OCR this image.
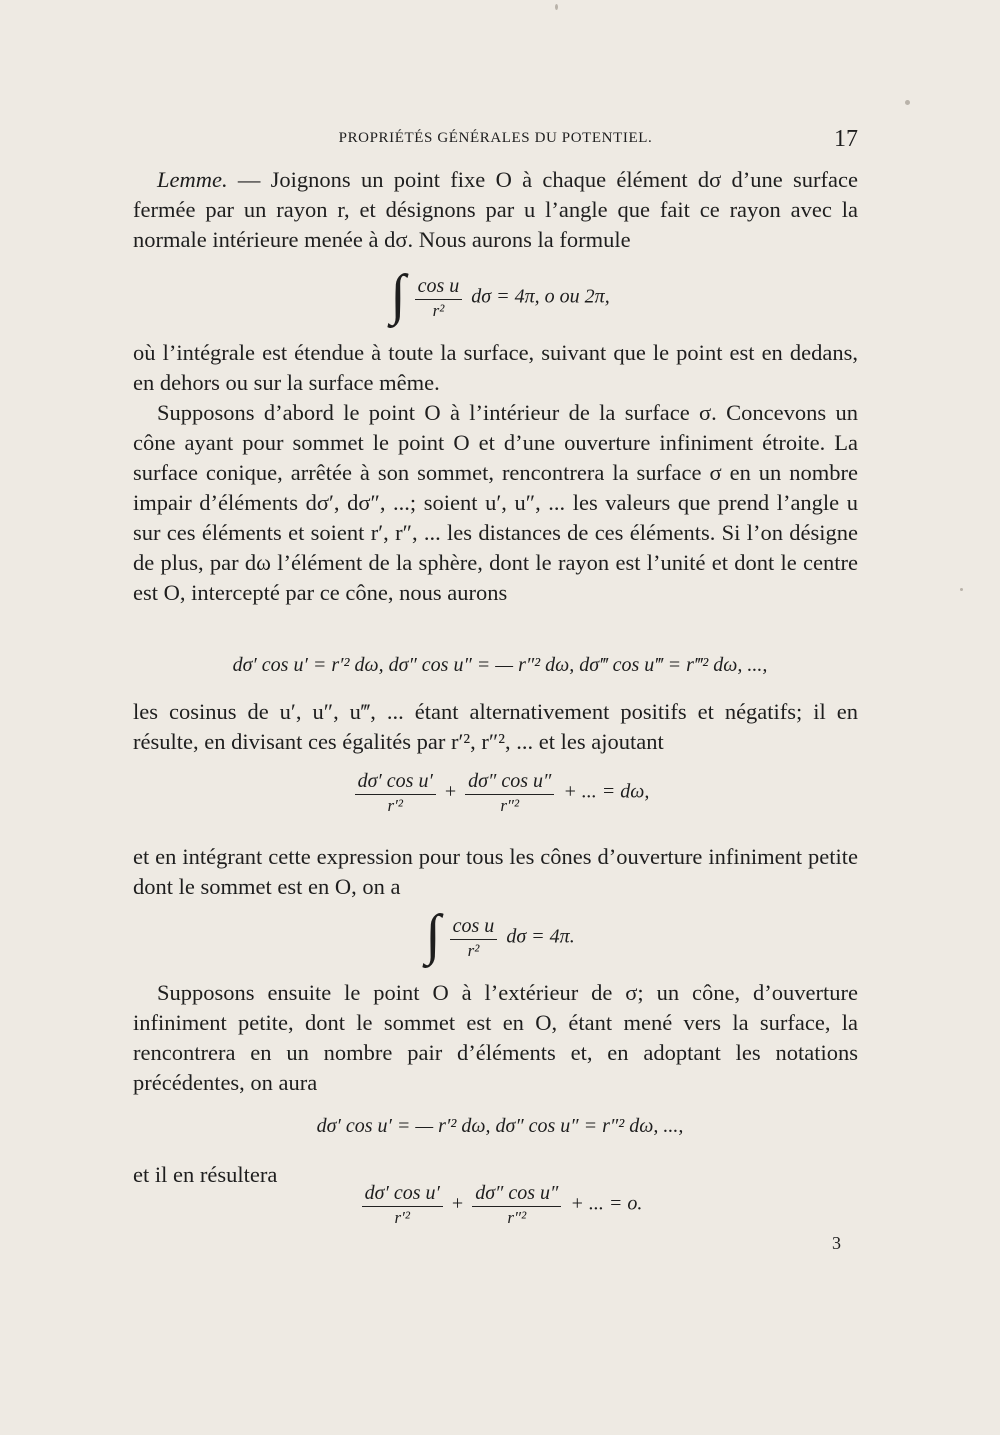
PROPRIÉTÉS GÉNÉRALES DU POTENTIEL.	17

Lemme. — Joignons un point fixe O à chaque élément dσ d’une surface fermée par un rayon r, et désignons par u l’angle que fait ce rayon avec la normale intérieure menée à dσ. Nous aurons la formule

∫ $\frac{\text{cos u}}{\text{r²}}$ dσ = 4π, o ou 2π,

où l’intégrale est étendue à toute la surface, suivant que le point est en dedans, en dehors ou sur la surface même.

Supposons d’abord le point O à l’intérieur de la surface σ. Concevons un cône ayant pour sommet le point O et d’une ouverture infiniment étroite. La surface conique, arrêtée à son sommet, rencontrera la surface σ en un nombre impair d’éléments dσ′, dσ″, ...; soient u′, u″, ... les valeurs que prend l’angle u sur ces éléments et soient r′, r″, ... les distances de ces éléments. Si l’on désigne de plus, par dω l’élément de la sphère, dont le rayon est l’unité et dont le centre est O, intercepté par ce cône, nous aurons

dσ′ cos u′ = r′² dω, dσ″ cos u″ = — r″² dω, dσ‴ cos u‴ = r‴² dω, ...,

les cosinus de u′, u″, u‴, ... étant alternativement positifs et négatifs; il en résulte, en divisant ces égalités par r′², r″², ... et les ajoutant

$\frac{\text{dσ′ cos u′}}{\text{r′²}} + \frac{\text{dσ″ cos u″}}{\text{r″²}}$ + ... = dω,

et en intégrant cette expression pour tous les cônes d’ouverture infiniment petite dont le sommet est en O, on a

∫ $\frac{\text{cos u}}{\text{r²}}$ dσ = 4π.

Supposons ensuite le point O à l’extérieur de σ; un cône, d’ouverture infiniment petite, dont le sommet est en O, étant mené vers la surface, la rencontrera en un nombre pair d’éléments et, en adoptant les notations précédentes, on aura

dσ′ cos u′ = — r′² dω, dσ″ cos u″ = r″² dω, ...,

et il en résultera

$\frac{\text{dσ′ cos u′}}{\text{r′²}} + \frac{\text{dσ″ cos u″}}{\text{r″²}}$ + ... = o.
3
